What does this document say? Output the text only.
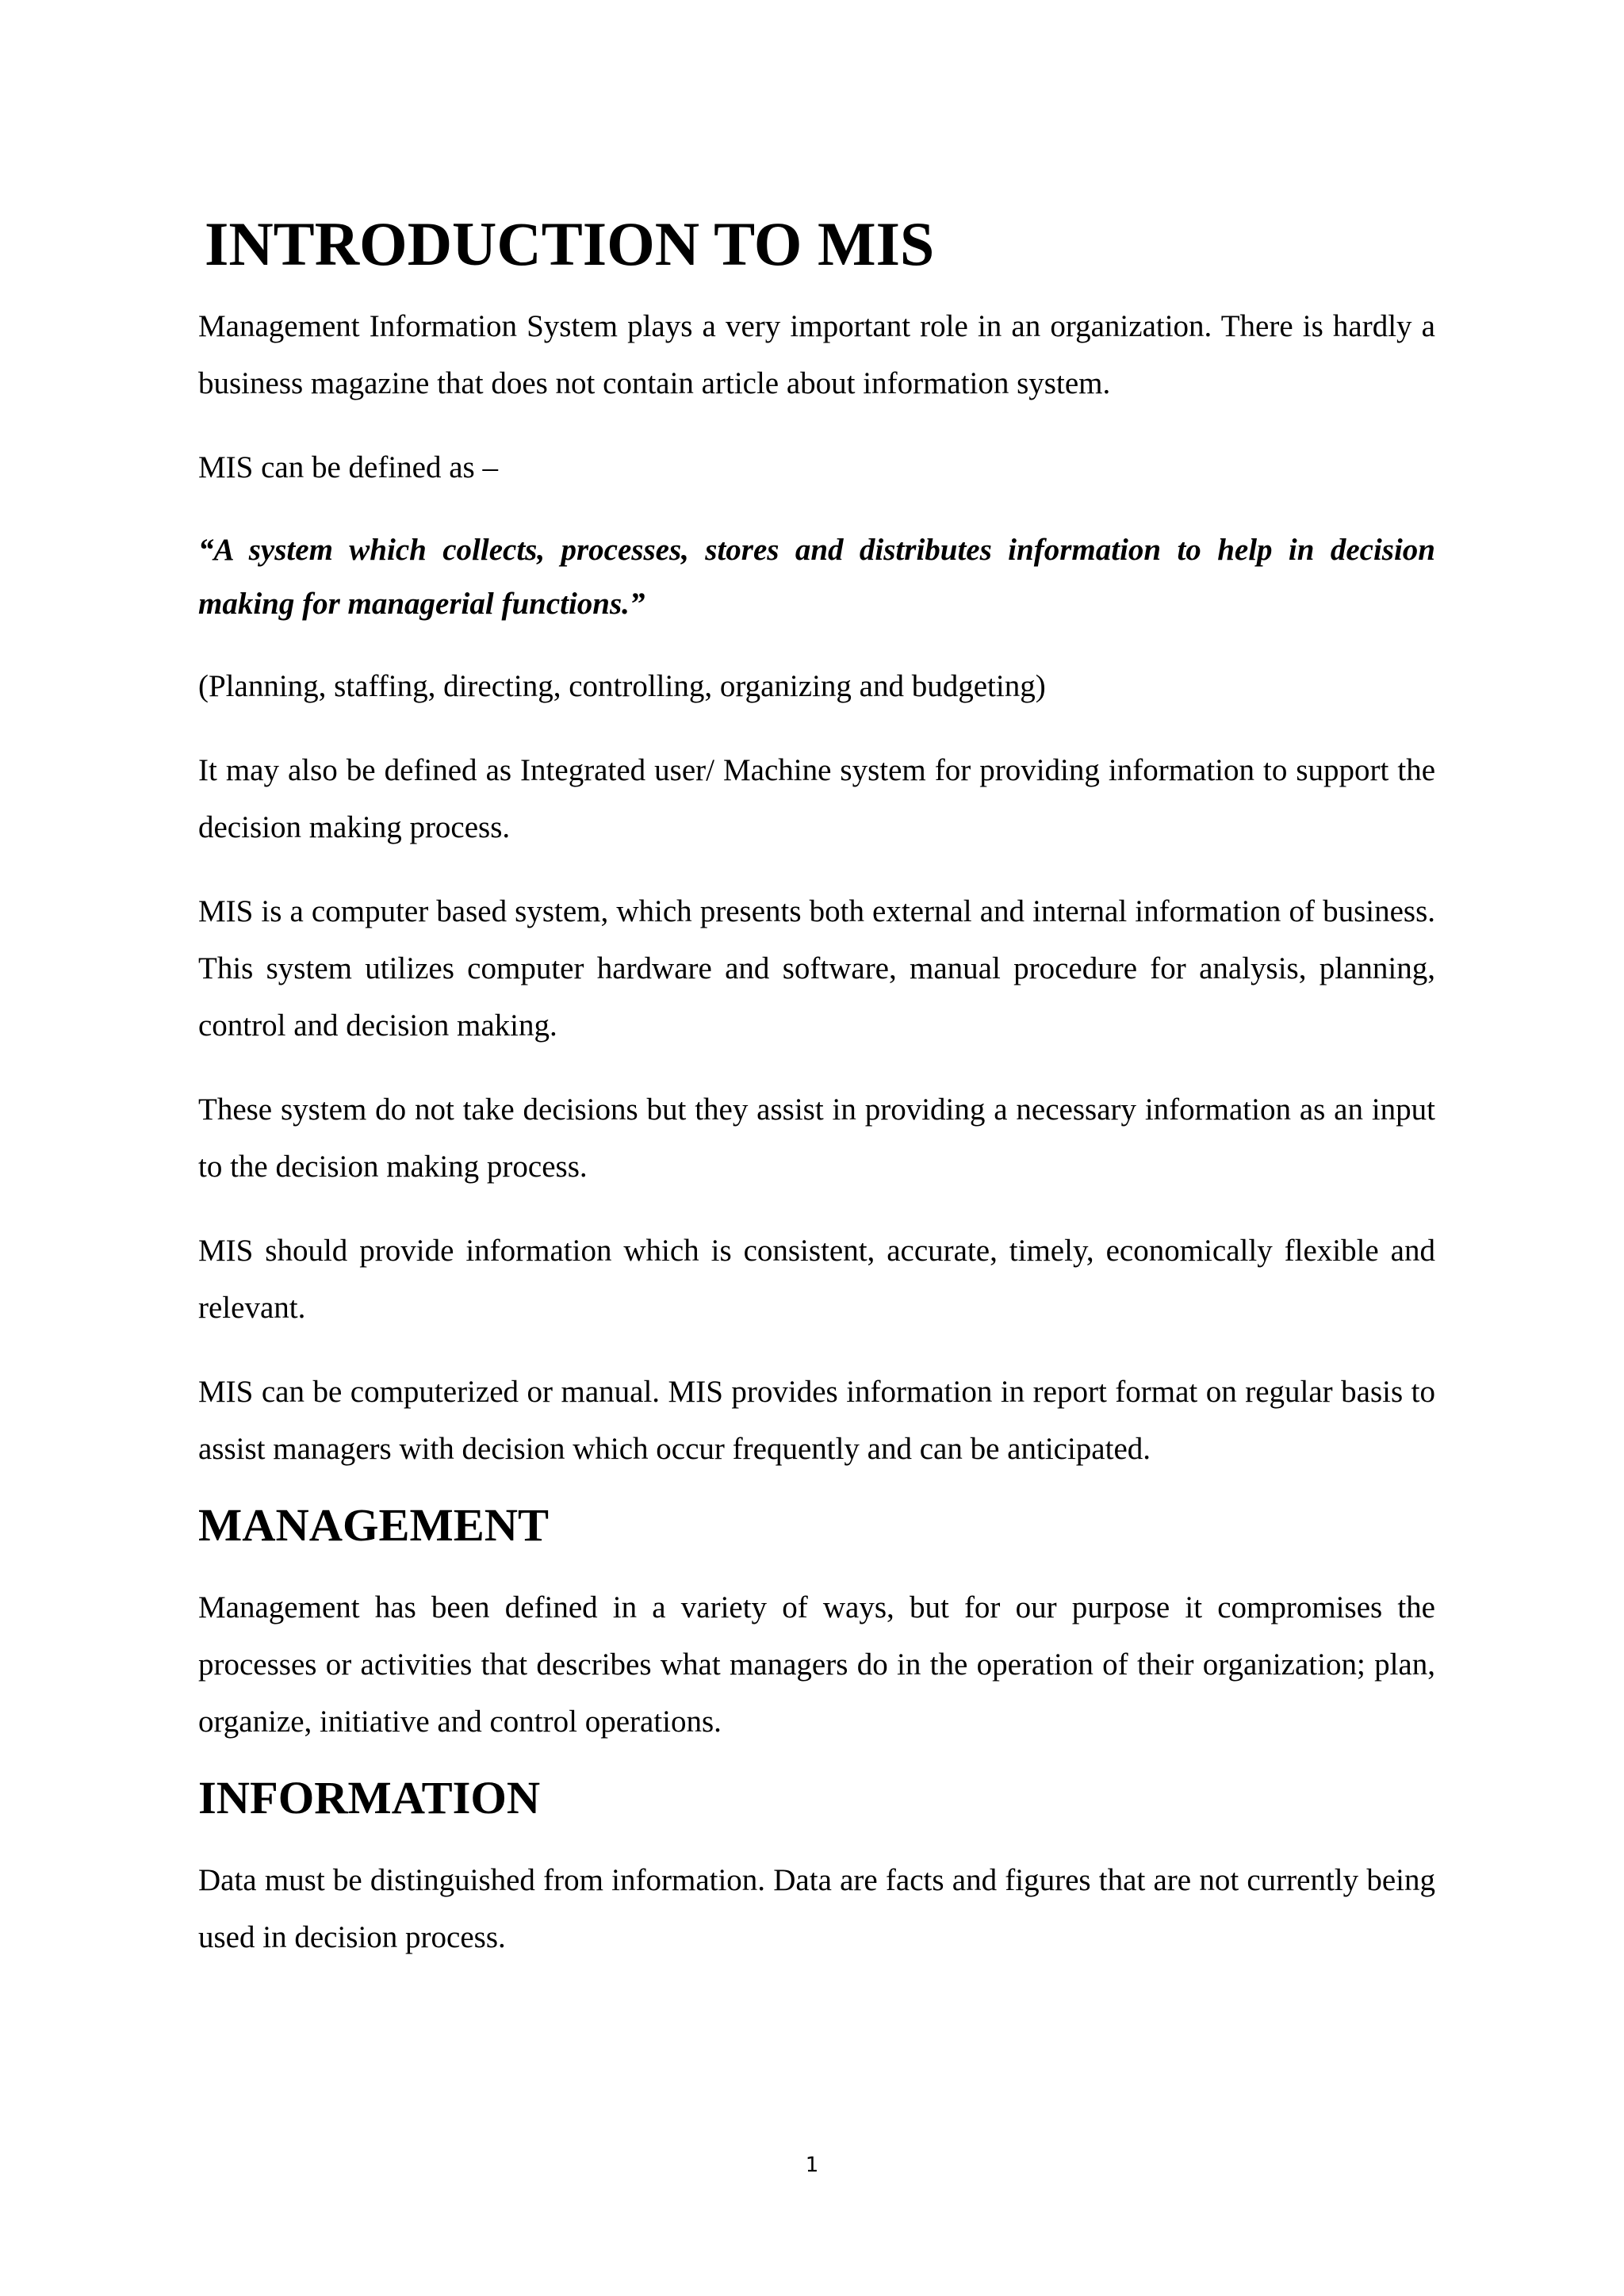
INTRODUCTION TO MIS

Management Information System plays a very important role in an organization. There is hardly a business magazine that does not contain article about information system.

MIS can be defined as –

“A system which collects, processes, stores and distributes information to help in decision making for managerial functions.”

(Planning, staffing, directing, controlling, organizing and budgeting)

It may also be defined as Integrated user/ Machine system for providing information to support the decision making process.

MIS is a computer based system, which presents both external and internal information of business. This system utilizes computer hardware and software, manual procedure for analysis, planning, control and decision making.

These system do not take decisions but they assist in providing a necessary information as an input to the decision making process.

MIS should provide information which is consistent, accurate, timely, economically flexible and relevant.

MIS can be computerized or manual. MIS provides information in report format on regular basis to assist managers with decision which occur frequently and can be anticipated.

MANAGEMENT

Management has been defined in a variety of ways, but for our purpose it compromises the processes or activities that describes what managers do in the operation of their organization; plan, organize, initiative and control operations.

INFORMATION

Data must be distinguished from information. Data are facts and figures that are not currently being used in decision process.

1
